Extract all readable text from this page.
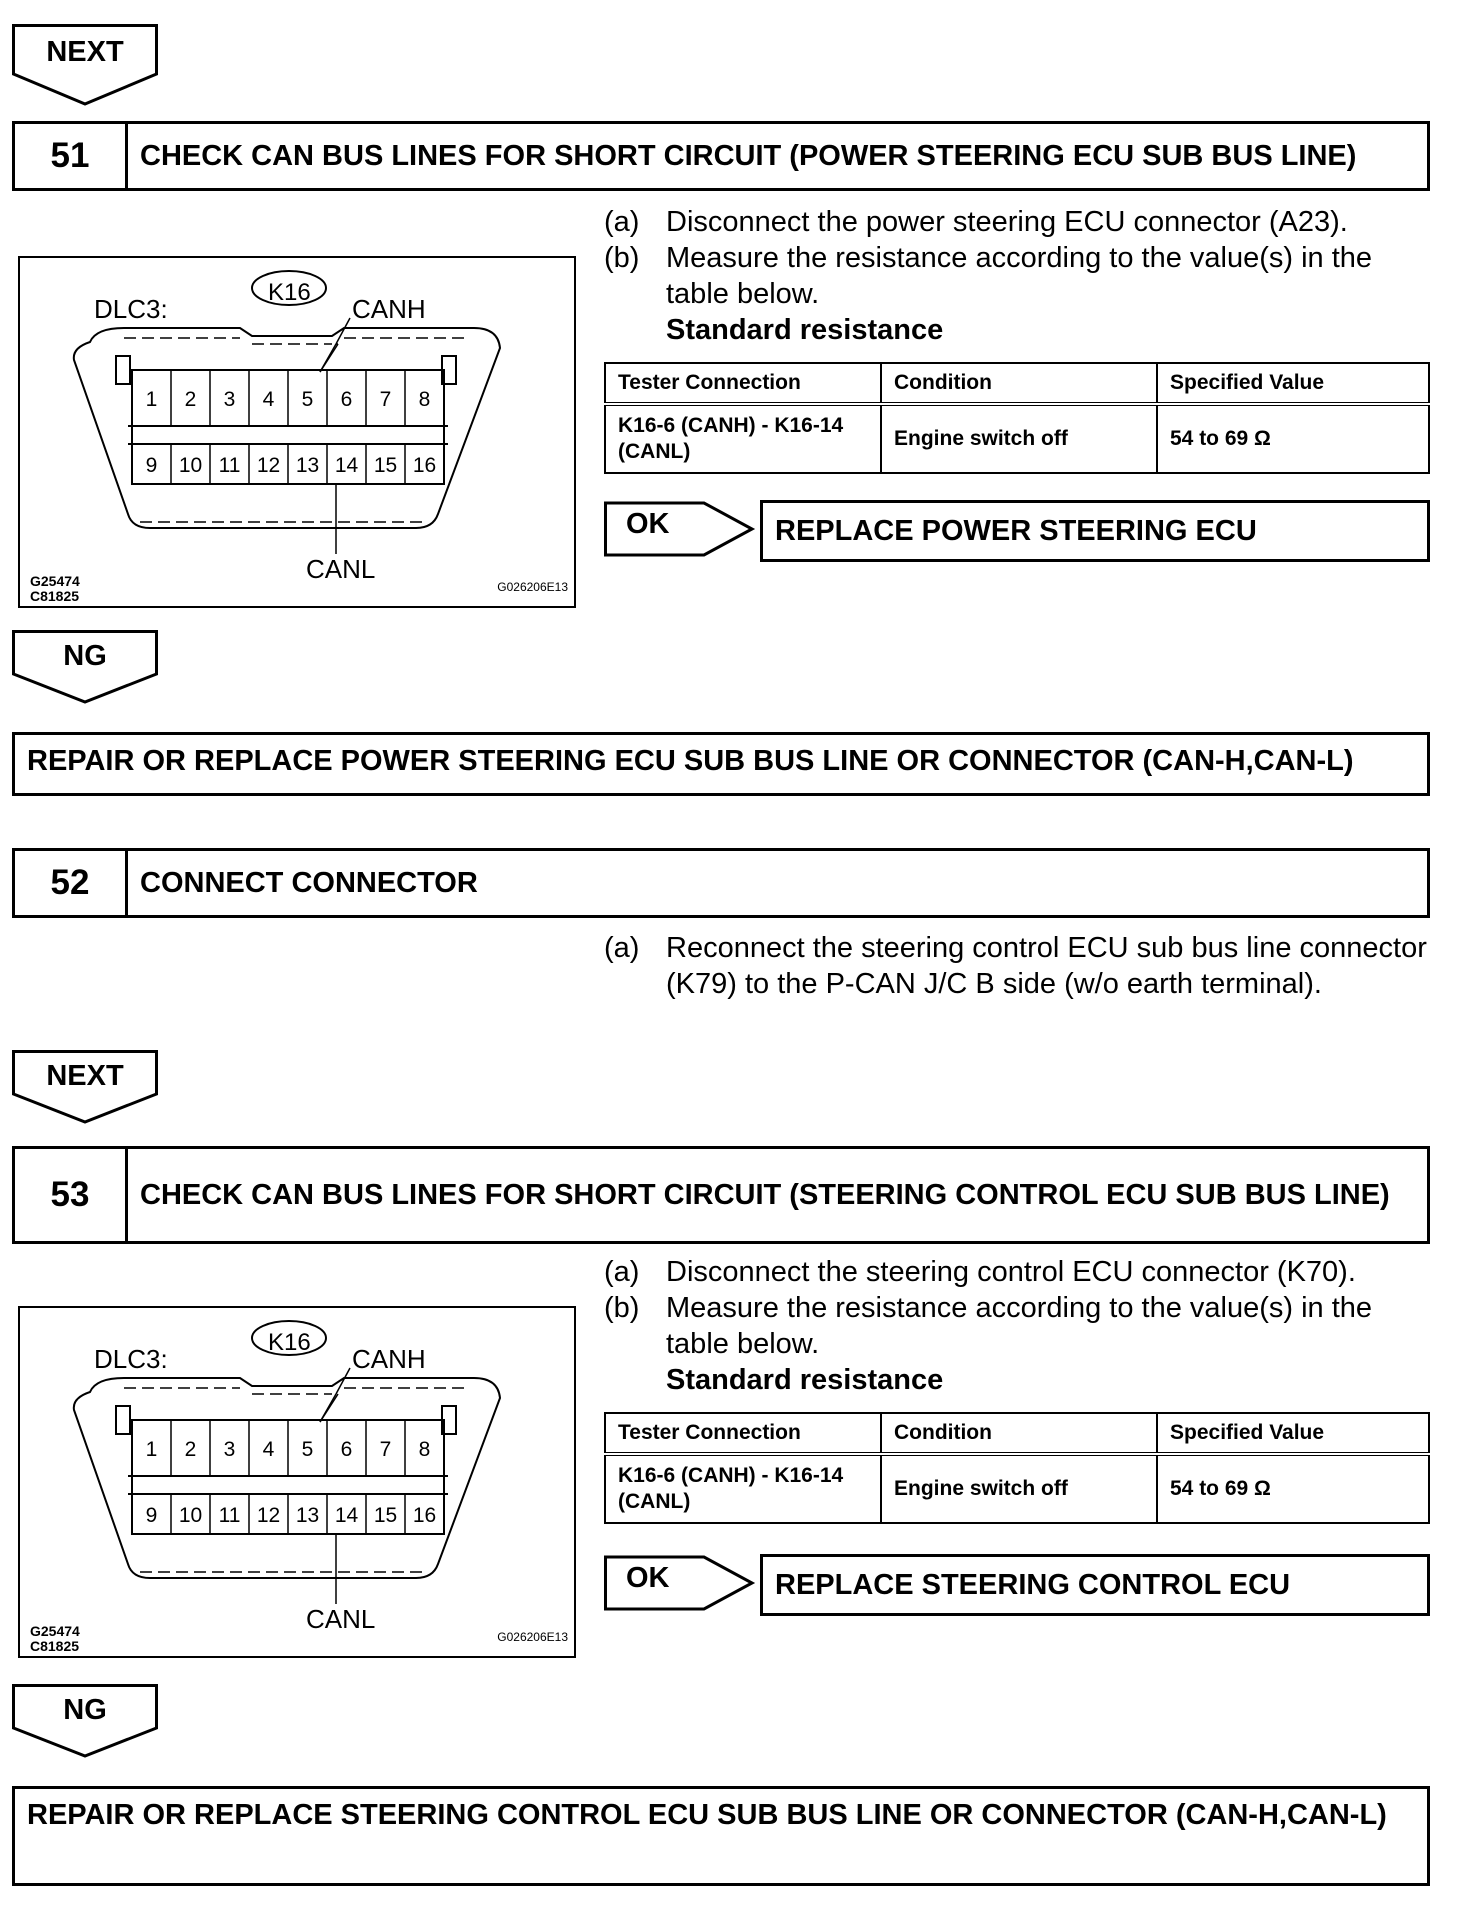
NEXT
51	CHECK CAN BUS LINES FOR SHORT CIRCUIT (POWER STEERING ECU SUB BUS LINE)
DLC3:
K16
CANH
CANL
G25474
C81825
G026206E13
1 2 3 4 5 6 7 8
9 10 11 12 13 14 15 16
(a) Disconnect the power steering ECU connector (A23).
(b) Measure the resistance according to the value(s) in the table below.
Standard resistance
Tester Connection	Condition	Specified Value
K16-6 (CANH) - K16-14 (CANL)	Engine switch off	54 to 69 Ω
OK	REPLACE POWER STEERING ECU
NG
REPAIR OR REPLACE POWER STEERING ECU SUB BUS LINE OR CONNECTOR (CAN-H,CAN-L)
52	CONNECT CONNECTOR
(a) Reconnect the steering control ECU sub bus line connector (K79) to the P-CAN J/C B side (w/o earth terminal).
NEXT
53	CHECK CAN BUS LINES FOR SHORT CIRCUIT (STEERING CONTROL ECU SUB BUS LINE)
DLC3:
K16
CANH
CANL
G25474
C81825
G026206E13
1 2 3 4 5 6 7 8
9 10 11 12 13 14 15 16
(a) Disconnect the steering control ECU connector (K70).
(b) Measure the resistance according to the value(s) in the table below.
Standard resistance
Tester Connection	Condition	Specified Value
K16-6 (CANH) - K16-14 (CANL)	Engine switch off	54 to 69 Ω
OK	REPLACE STEERING CONTROL ECU
NG
REPAIR OR REPLACE STEERING CONTROL ECU SUB BUS LINE OR CONNECTOR (CAN-H,CAN-L)
